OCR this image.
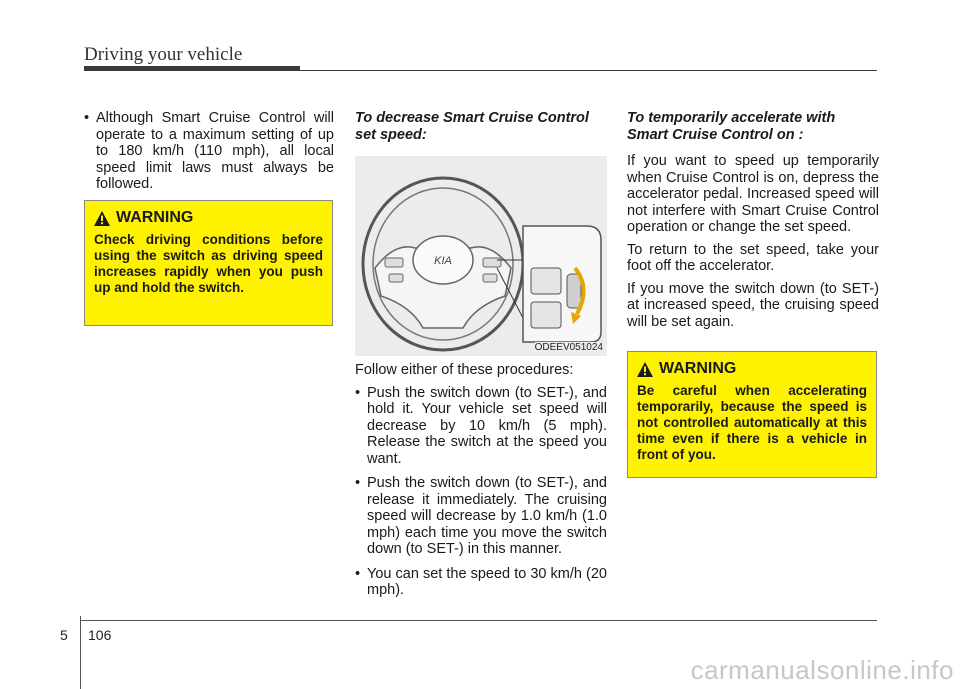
Driving your vehicle
• Although Smart Cruise Control will operate to a maximum setting of up to 180 km/h (110 mph), all local speed limit laws must always be followed.
WARNING
Check driving conditions before using the switch as driving speed increases rapidly when you push up and hold the switch.
To decrease Smart Cruise Control set speed:
Follow either of these procedures:
• Push the switch down (to SET-), and hold it. Your vehicle set speed will decrease by 10 km/h (5 mph). Release the switch at the speed you want.
• Push the switch down (to SET-), and release it immediately. The cruising speed will decrease by 1.0 km/h (1.0 mph) each time you move the switch down (to SET-) in this manner.
• You can set the speed to 30 km/h (20 mph).
KIA
ODEEV051024
To temporarily accelerate with Smart Cruise Control on :
If you want to speed up temporarily when Cruise Control is on, depress the accelerator pedal. Increased speed will not interfere with Smart Cruise Control operation or change the set speed.
To return to the set speed, take your foot off the accelerator.
If you move the switch down (to SET-) at increased speed, the cruising speed will be set again.
WARNING
Be careful when accelerating temporarily, because the speed is not controlled automatically at this time even if there is a vehicle in front of you.
5 106
carmanualsonline.info
